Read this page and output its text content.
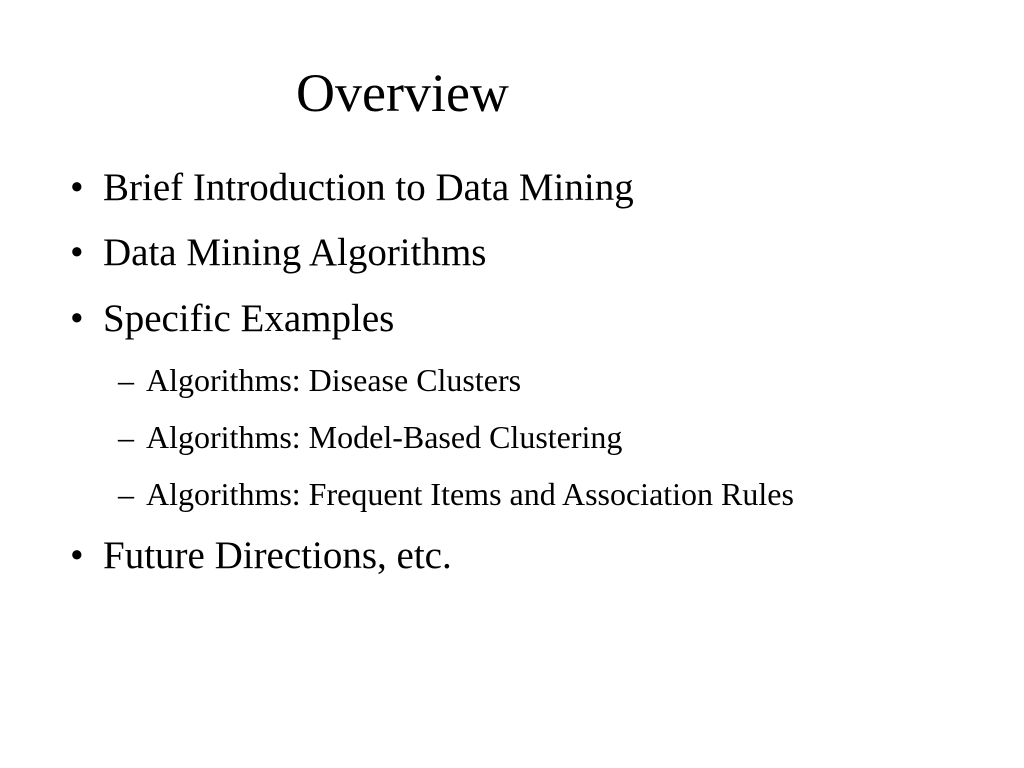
Overview
• Brief Introduction to Data Mining
• Data Mining Algorithms
• Specific Examples
– Algorithms: Disease Clusters
– Algorithms: Model-Based Clustering
– Algorithms: Frequent Items and Association Rules
• Future Directions, etc.
